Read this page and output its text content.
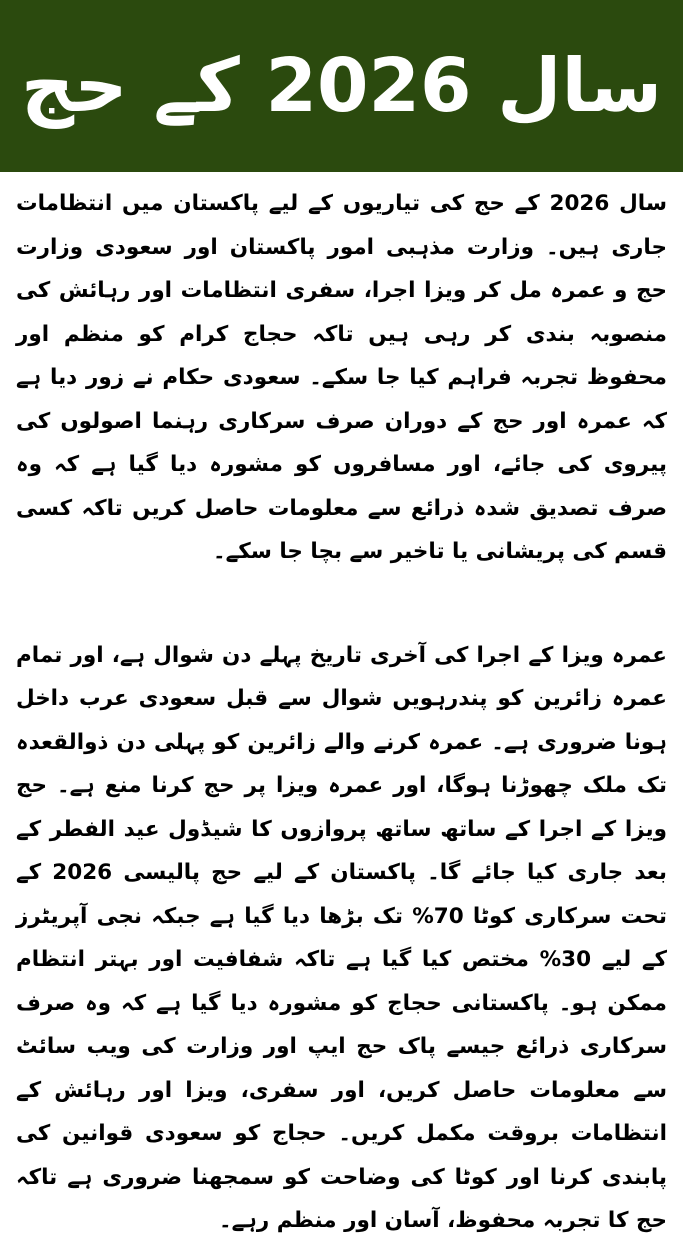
سال 2026 کے حج

سال 2026 کے حج کی تیاریوں کے لیے پاکستان میں انتظامات جاری ہیں۔ وزارت مذہبی امور پاکستان اور سعودی وزارت حج و عمرہ مل کر ویزا اجرا، سفری انتظامات اور رہائش کی منصوبہ بندی کر رہی ہیں تاکہ حجاج کرام کو منظم اور محفوظ تجربہ فراہم کیا جا سکے۔ سعودی حکام نے زور دیا ہے کہ عمرہ اور حج کے دوران صرف سرکاری رہنما اصولوں کی پیروی کی جائے، اور مسافروں کو مشورہ دیا گیا ہے کہ وہ صرف تصدیق شدہ ذرائع سے معلومات حاصل کریں تاکہ کسی قسم کی پریشانی یا تاخیر سے بچا جا سکے۔

عمرہ ویزا کے اجرا کی آخری تاریخ پہلے دن شوال ہے، اور تمام عمرہ زائرین کو پندرہویں شوال سے قبل سعودی عرب داخل ہونا ضروری ہے۔ عمرہ کرنے والے زائرین کو پہلی دن ذوالقعدہ تک ملک چھوڑنا ہوگا، اور عمرہ ویزا پر حج کرنا منع ہے۔ حج ویزا کے اجرا کے ساتھ ساتھ پروازوں کا شیڈول عید الفطر کے بعد جاری کیا جائے گا۔ پاکستان کے لیے حج پالیسی 2026 کے تحت سرکاری کوٹا 70% تک بڑھا دیا گیا ہے جبکہ نجی آپریٹرز کے لیے 30% مختص کیا گیا ہے تاکہ شفافیت اور بہتر انتظام ممکن ہو۔ پاکستانی حجاج کو مشورہ دیا گیا ہے کہ وہ صرف سرکاری ذرائع جیسے پاک حج ایپ اور وزارت کی ویب سائٹ سے معلومات حاصل کریں، اور سفری، ویزا اور رہائش کے انتظامات بروقت مکمل کریں۔ حجاج کو سعودی قوانین کی پابندی کرنا اور کوٹا کی وضاحت کو سمجھنا ضروری ہے تاکہ حج کا تجربہ محفوظ، آسان اور منظم رہے۔
